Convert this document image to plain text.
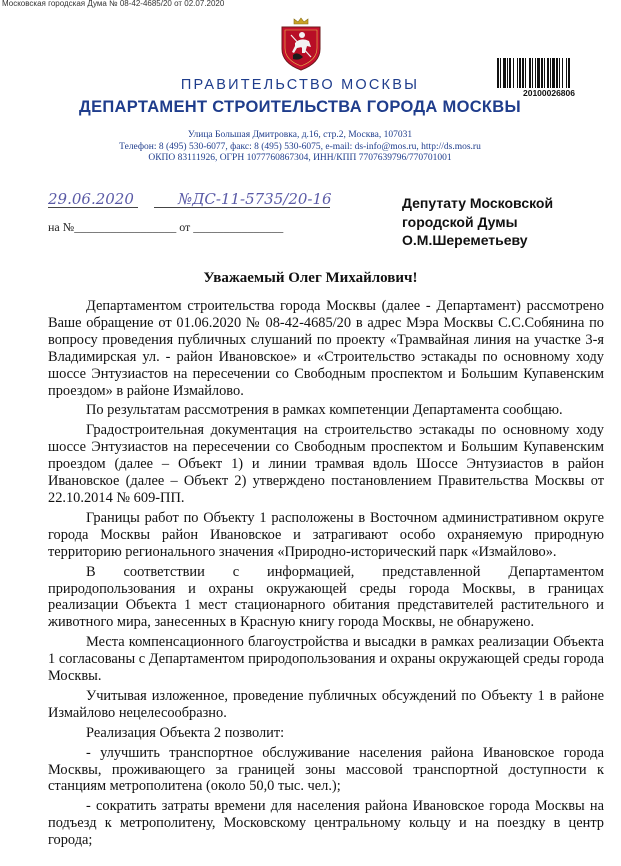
Московская городская Дума № 08-42-4685/20 от 02.07.2020
ПРАВИТЕЛЬСТВО МОСКВЫ
ДЕПАРТАМЕНТ СТРОИТЕЛЬСТВА ГОРОДА МОСКВЫ
20100026806
Улица Большая Дмитровка, д.16, стр.2, Москва, 107031
Телефон: 8 (495) 530-6077, факс: 8 (495) 530-6075, e-mail: ds-info@mos.ru, http://ds.mos.ru
ОКПО 83111926, ОГРН 1077760867304, ИНН/КПП 7707639796/770701001
29.06.2020	№ДС-11-5735/20-16
на №_________________ от _______________
Депутату Московской
городской Думы
О.М.Шереметьеву
Уважаемый Олег Михайлович!

Департаментом строительства города Москвы (далее - Департамент) рассмотрено Ваше обращение от 01.06.2020 № 08-42-4685/20 в адрес Мэра Москвы С.С.Собянина по вопросу проведения публичных слушаний по проекту «Трамвайная линия на участке 3-я Владимирская ул. - район Ивановское» и «Строительство эстакады по основному ходу шоссе Энтузиастов на пересечении со Свободным проспектом и Большим Купавенским проездом» в районе Измайлово.

По результатам рассмотрения в рамках компетенции Департамента сообщаю.

Градостроительная документация на строительство эстакады по основному ходу шоссе Энтузиастов на пересечении со Свободным проспектом и Большим Купавенским проездом (далее – Объект 1) и линии трамвая вдоль Шоссе Энтузиастов в район Ивановское (далее – Объект 2) утверждено постановлением Правительства Москвы от 22.10.2014 № 609-ПП.

Границы работ по Объекту 1 расположены в Восточном административном округе города Москвы район Ивановское и затрагивают особо охраняемую природную территорию регионального значения «Природно-исторический парк «Измайлово».

В соответствии с информацией, представленной Департаментом природопользования и охраны окружающей среды города Москвы, в границах реализации Объекта 1 мест стационарного обитания представителей растительного и животного мира, занесенных в Красную книгу города Москвы, не обнаружено.

Места компенсационного благоустройства и высадки в рамках реализации Объекта 1 согласованы с Департаментом природопользования и охраны окружающей среды города Москвы.

Учитывая изложенное, проведение публичных обсуждений по Объекту 1 в районе Измайлово нецелесообразно.

Реализация Объекта 2 позволит:

- улучшить транспортное обслуживание населения района Ивановское города Москвы, проживающего за границей зоны массовой транспортной доступности к станциям метрополитена (около 50,0 тыс. чел.);

- сократить затраты времени для населения района Ивановское города Москвы на подъезд к метрополитену, Московскому центральному кольцу и на поездку в центр города;
